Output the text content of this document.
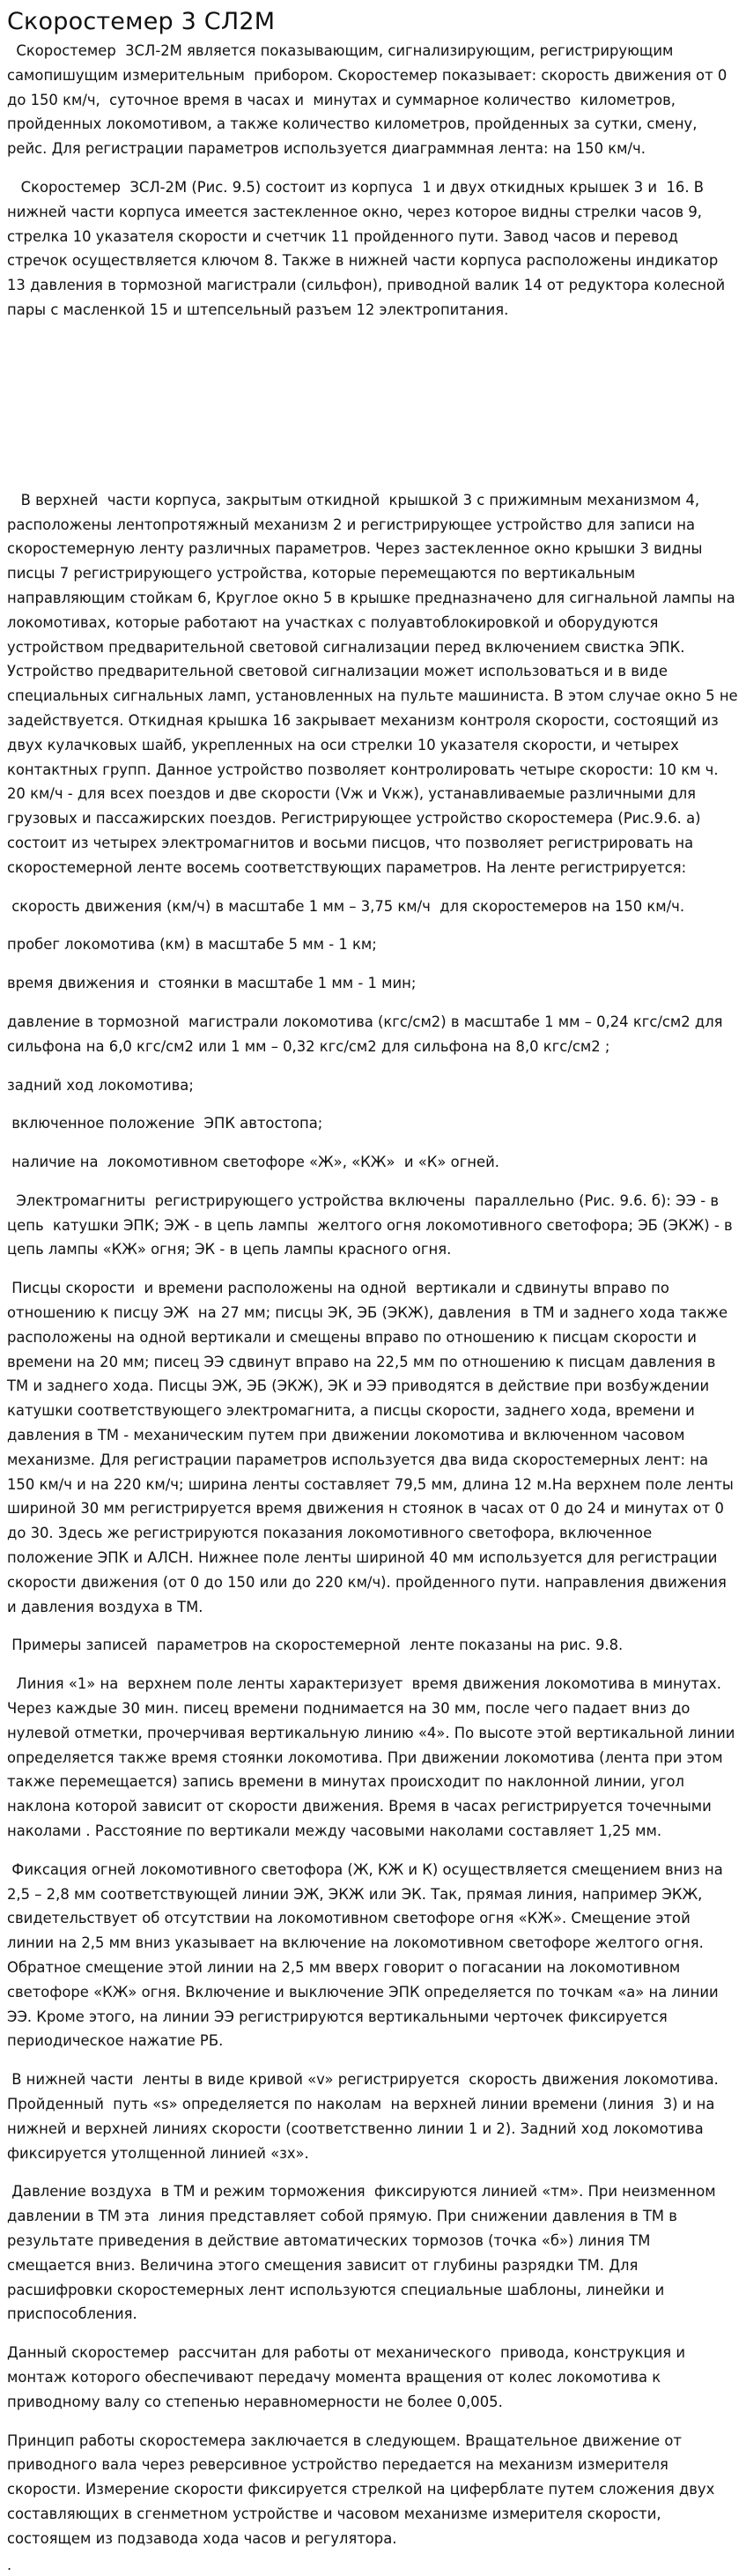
Скоростемер 3 СЛ2М

Скоростемер  3СЛ-2М является показывающим, сигнализирующим, регистрирующим самопишущим измерительным  прибором. Скоростемер показывает: скорость движения от 0 до 150 км/ч,  суточное время в часах и  минутах и суммарное количество  километров, пройденных локомотивом, а также количество километров, пройденных за сутки, смену, рейс. Для регистрации параметров используется диаграммная лента: на 150 км/ч.

Скоростемер  ЗСЛ-2М (Рис. 9.5) состоит из корпуса  1 и двух откидных крышек 3 и  16. В нижней части корпуса имеется застекленное окно, через которое видны стрелки часов 9, стрелка 10 указателя скорости и счетчик 11 пройденного пути. Завод часов и перевод стречок осуществляется ключом 8. Также в нижней части корпуса расположены индикатор 13 давления в тормозной магистрали (сильфон), приводной валик 14 от редуктора колесной пары с масленкой 15 и штепсельный разъем 12 электропитания.

В верхней  части корпуса, закрытым откидной  крышкой 3 с прижимным механизмом 4, расположены лентопротяжный механизм 2 и регистрирующее устройство для записи на скоростемерную ленту различных параметров. Через застекленное окно крышки 3 видны писцы 7 регистрирующего устройства, которые перемещаются по вертикальным направляющим стойкам 6, Круглое окно 5 в крышке предназначено для сигнальной лампы на локомотивах, которые работают на участках с полуавтоблокировкой и оборудуются устройством предварительной световой сигнализации перед включением свистка ЭПК. Устройство предварительной световой сигнализации может использоваться и в виде специальных сигнальных ламп, установленных на пульте машиниста. В этом случае окно 5 не задействуется. Откидная крышка 16 закрывает механизм контроля скорости, состоящий из двух кулачковых шайб, укрепленных на оси стрелки 10 указателя скорости, и четырех контактных групп. Данное устройство позволяет контролировать четыре скорости: 10 км ч. 20 км/ч - для всех поездов и две скорости (Vж и Vкж), устанавливаемые различными для грузовых и пассажирских поездов. Регистрирующее устройство скоростемера (Рис.9.6. а) состоит из четырех электромагнитов и восьми писцов, что позволяет регистрировать на скоростемерной ленте восемь соответствующих параметров. На ленте регистрируется:

скорость движения (км/ч) в масштабе 1 мм – 3,75 км/ч  для скоростемеров на 150 км/ч.

пробег локомотива (км) в масштабе 5 мм - 1 км;

время движения и  стоянки в масштабе 1 мм - 1 мин;

давление в тормозной  магистрали локомотива (кгс/см2) в масштабе 1 мм – 0,24 кгс/см2 для сильфона на 6,0 кгс/см2 или 1 мм – 0,32 кгс/см2 для сильфона на 8,0 кгс/см2 ;

задний ход локомотива;

включенное положение  ЭПК автостопа;

наличие на  локомотивном светофоре «Ж», «КЖ»  и «К» огней.

Электромагниты  регистрирующего устройства включены  параллельно (Рис. 9.6. б): ЭЭ - в цепь  катушки ЭПК; ЭЖ - в цепь лампы  желтого огня локомотивного светофора; ЭБ (ЭКЖ) - в цепь лампы «КЖ» огня; ЭК - в цепь лампы красного огня.

Писцы скорости  и времени расположены на одной  вертикали и сдвинуты вправо по отношению к писцу ЭЖ  на 27 мм; писцы ЭК, ЭБ (ЭКЖ), давления  в ТМ и заднего хода также расположены на одной вертикали и смещены вправо по отношению к писцам скорости и времени на 20 мм; писец ЭЭ сдвинут вправо на 22,5 мм по отношению к писцам давления в ТМ и заднего хода. Писцы ЭЖ, ЭБ (ЭКЖ), ЭК и ЭЭ приводятся в действие при возбуждении катушки соответствующего электромагнита, а писцы скорости, заднего хода, времени и давления в ТМ - механическим путем при движении локомотива и включенном часовом механизме. Для регистрации параметров используется два вида скоростемерных лент: на 150 км/ч и на 220 км/ч; ширина ленты составляет 79,5 мм, длина 12 м.На верхнем поле ленты шириной 30 мм регистрируется время движения н стоянок в часах от 0 до 24 и минутах от 0 до 30. Здесь же регистрируются показания локомотивного светофора, включенное положение ЭПК и АЛСН. Нижнее поле ленты шириной 40 мм используется для регистрации скорости движения (от 0 до 150 или до 220 км/ч). пройденного пути. направления движения и давления воздуха в ТМ.

Примеры записей  параметров на скоростемерной  ленте показаны на рис. 9.8.

Линия «1» на  верхнем поле ленты характеризует  время движения локомотива в минутах. Через каждые 30 мин. писец времени поднимается на 30 мм, после чего падает вниз до нулевой отметки, прочерчивая вертикальную линию «4». По высоте этой вертикальной линии определяется также время стоянки локомотива. При движении локомотива (лента при этом также перемещается) запись времени в минутах происходит по наклонной линии, угол наклона которой зависит от скорости движения. Время в часах регистрируется точечными наколами . Расстояние по вертикали между часовыми наколами составляет 1,25 мм.

Фиксация огней локомотивного светофора (Ж, КЖ и К) осуществляется смещением вниз на 2,5 – 2,8 мм соответствующей линии ЭЖ, ЭКЖ или ЭК. Так, прямая линия, например ЭКЖ, свидетельствует об отсутствии на локомотивном светофоре огня «КЖ». Смещение этой линии на 2,5 мм вниз указывает на включение на локомотивном светофоре желтого огня. Обратное смещение этой линии на 2,5 мм вверх говорит о погасании на локомотивном светофоре «КЖ» огня. Включение и выключение ЭПК определяется по точкам «а» на линии ЭЭ. Кроме этого, на линии ЭЭ регистрируются вертикальными черточек фиксируется периодическое нажатие РБ.

В нижней части  ленты в виде кривой «v» регистрируется  скорость движения локомотива. Пройденный  путь «s» определяется по наколам  на верхней линии времени (линия  3) и на нижней и верхней линиях скорости (соответственно линии 1 и 2). Задний ход локомотива фиксируется утолщенной линией «зх».

Давление воздуха  в ТМ и режим торможения  фиксируются линией «тм». При неизменном давлении в ТМ эта  линия представляет собой прямую. При снижении давления в ТМ в результате приведения в действие автоматических тормозов (точка «б») линия ТМ смещается вниз. Величина этого смещения зависит от глубины разрядки ТМ. Для расшифровки скоростемерных лент используются специальные шаблоны, линейки и приспособления.

Данный скоростемер  рассчитан для работы от механического  привода, конструкция и монтаж которого обеспечивают передачу момента вращения от колес локомотива к приводному валу со степенью неравномерности не более 0,005.

Принцип работы скоростемера заключается в следующем. Вращательное движение от приводного вала через реверсивное устройство передается на механизм измерителя скорости. Измерение скорости фиксируется стрелкой на циферблате путем сложения двух составляющих в сгенметном устройстве и часовом механизме измерителя скорости, состоящем из подзавода хода часов и регулятора.

.
